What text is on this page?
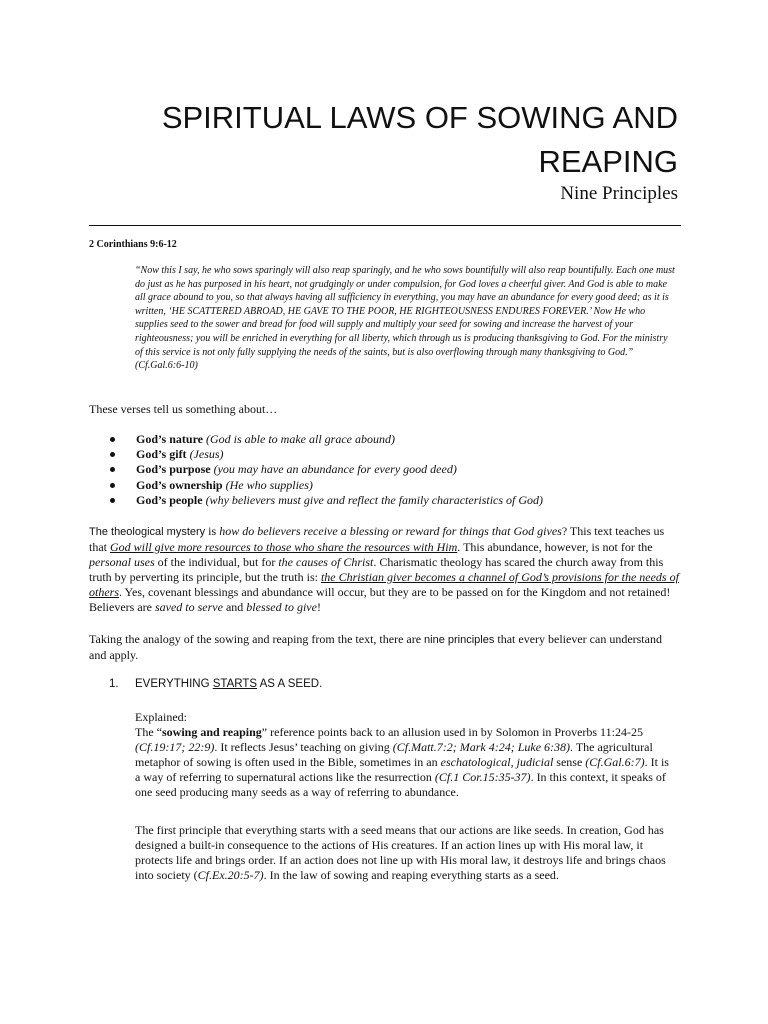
SPIRITUAL LAWS OF SOWING AND
REAPING

Nine Principles

2 Corinthians 9:6-12

“Now this I say, he who sows sparingly will also reap sparingly, and he who sows bountifully will also reap bountifully. Each one must do just as he has purposed in his heart, not grudgingly or under compulsion, for God loves a cheerful giver. And God is able to make all grace abound to you, so that always having all sufficiency in everything, you may have an abundance for every good deed; as it is written, ‘HE SCATTERED ABROAD, HE GAVE TO THE POOR, HE RIGHTEOUSNESS ENDURES FOREVER.’ Now He who supplies seed to the sower and bread for food will supply and multiply your seed for sowing and increase the harvest of your righteousness; you will be enriched in everything for all liberty, which through us is producing thanksgiving to God. For the ministry of this service is not only fully supplying the needs of the saints, but is also overflowing through many thanksgiving to God.” (Cf.Gal.6:6-10)

These verses tell us something about…

God’s nature (God is able to make all grace abound)
God’s gift (Jesus)
God’s purpose (you may have an abundance for every good deed)
God’s ownership (He who supplies)
God’s people (why believers must give and reflect the family characteristics of God)

The theological mystery is how do believers receive a blessing or reward for things that God gives? This text teaches us that God will give more resources to those who share the resources with Him. This abundance, however, is not for the personal uses of the individual, but for the causes of Christ. Charismatic theology has scared the church away from this truth by perverting its principle, but the truth is: the Christian giver becomes a channel of God’s provisions for the needs of others. Yes, covenant blessings and abundance will occur, but they are to be passed on for the Kingdom and not retained! Believers are saved to serve and blessed to give!

Taking the analogy of the sowing and reaping from the text, there are nine principles that every believer can understand and apply.

1. EVERYTHING STARTS AS A SEED.

Explained:

The “sowing and reaping” reference points back to an allusion used in by Solomon in Proverbs 11:24-25 (Cf.19:17; 22:9). It reflects Jesus’ teaching on giving (Cf.Matt.7:2; Mark 4:24; Luke 6:38). The agricultural metaphor of sowing is often used in the Bible, sometimes in an eschatological, judicial sense (Cf.Gal.6:7). It is a way of referring to supernatural actions like the resurrection (Cf.1 Cor.15:35-37). In this context, it speaks of one seed producing many seeds as a way of referring to abundance.

The first principle that everything starts with a seed means that our actions are like seeds. In creation, God has designed a built-in consequence to the actions of His creatures. If an action lines up with His moral law, it protects life and brings order. If an action does not line up with His moral law, it destroys life and brings chaos into society (Cf.Ex.20:5-7). In the law of sowing and reaping everything starts as a seed.
